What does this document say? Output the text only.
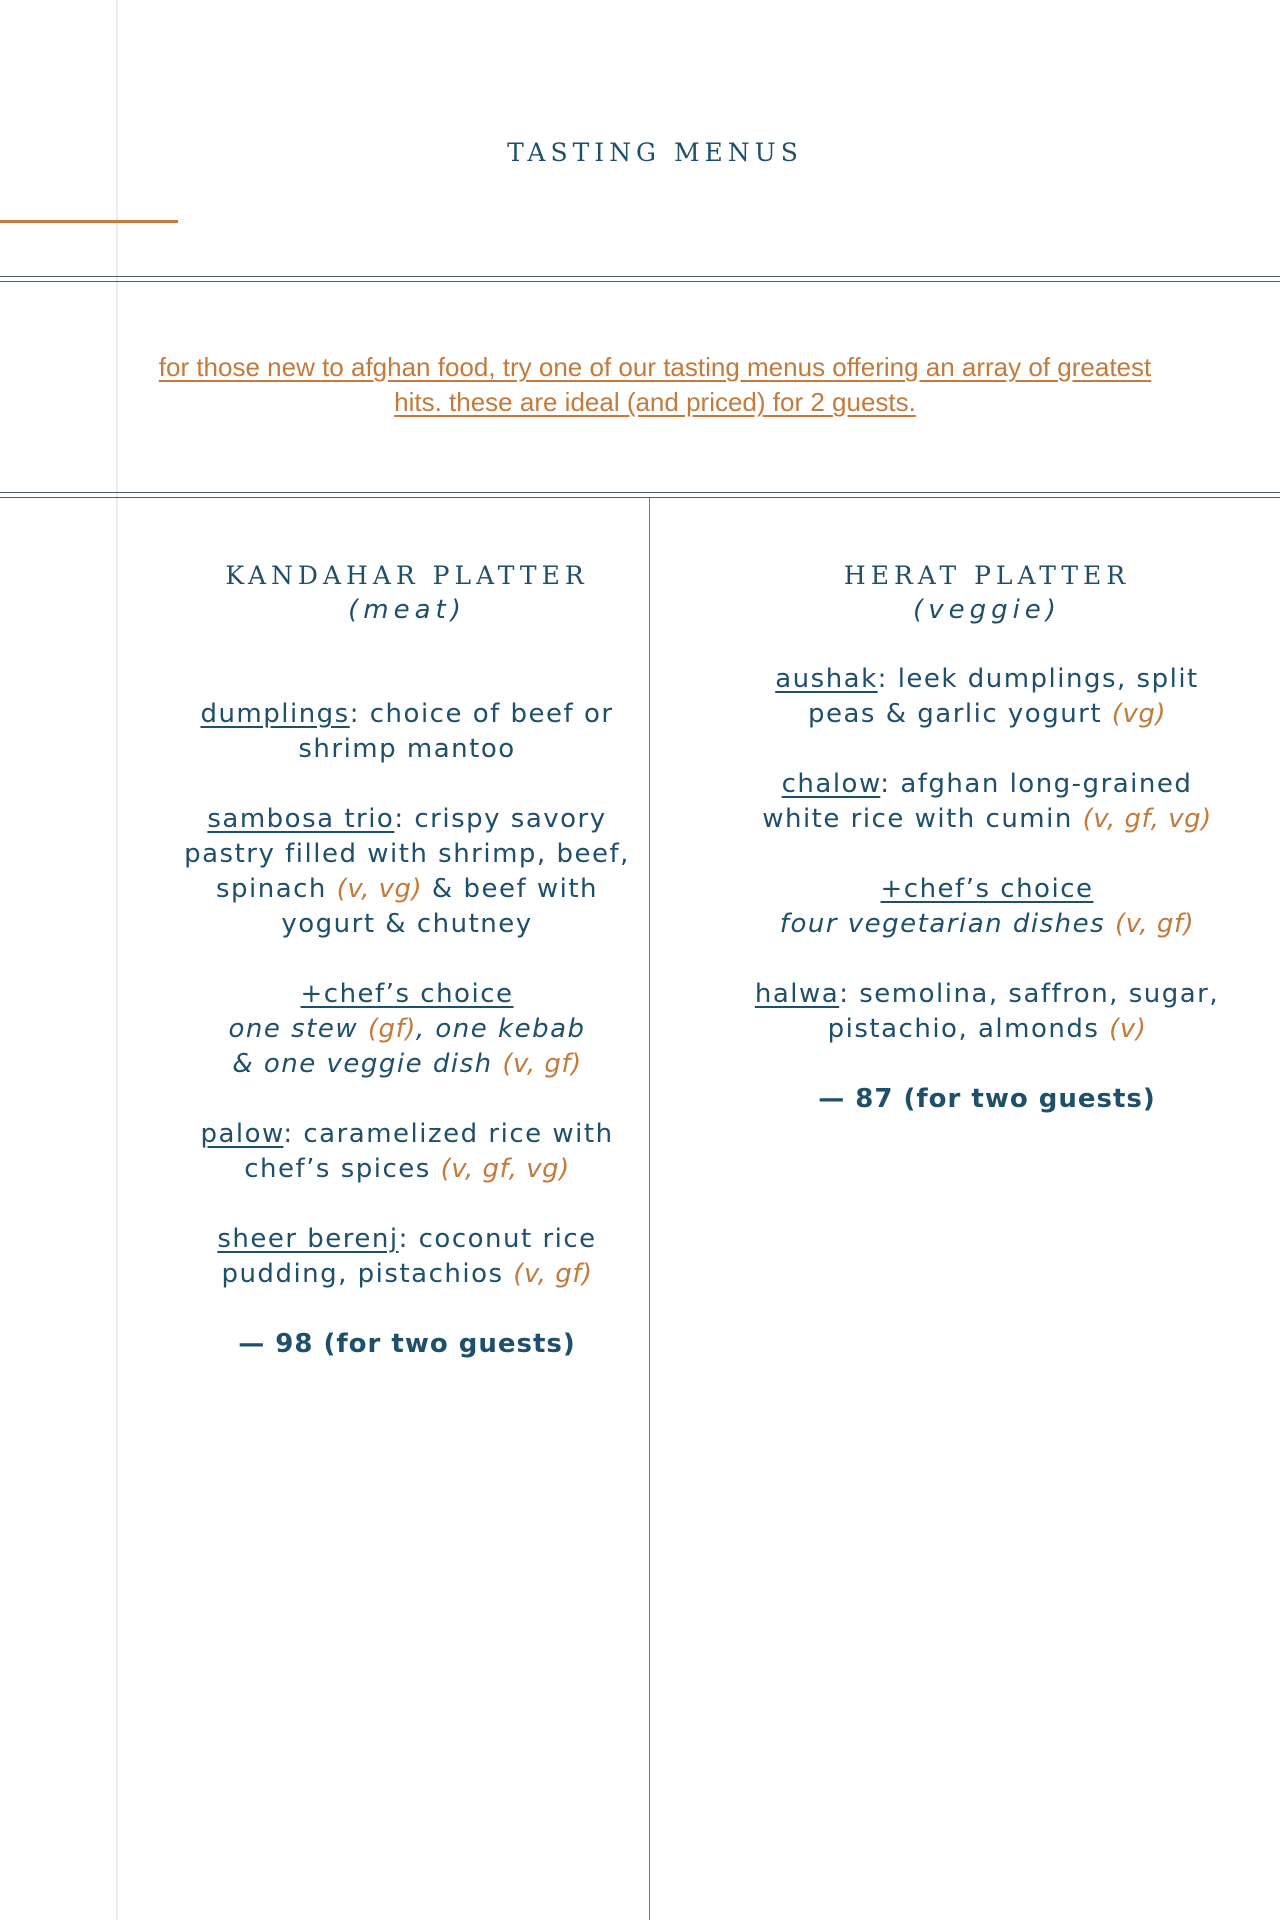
TASTING MENUS
for those new to afghan food, try one of our tasting menus offering an array of greatest hits. these are ideal (and priced) for 2 guests.
KANDAHAR PLATTER
(meat)
dumplings: choice of beef or shrimp mantoo
sambosa trio: crispy savory pastry filled with shrimp, beef, spinach (v, vg) & beef with
yogurt & chutney
+chef’s choice
one stew (gf), one kebab
& one veggie dish (v, gf)
palow: caramelized rice with chef’s spices (v, gf, vg)
sheer berenj: coconut rice pudding, pistachios (v, gf)
— 98 (for two guests)
HERAT PLATTER
(veggie)
aushak: leek dumplings, split peas & garlic yogurt (vg)
chalow: afghan long-grained white rice with cumin (v, gf, vg)
+chef’s choice
four vegetarian dishes (v, gf)
halwa: semolina, saffron, sugar, pistachio, almonds (v)
— 87 (for two guests)
